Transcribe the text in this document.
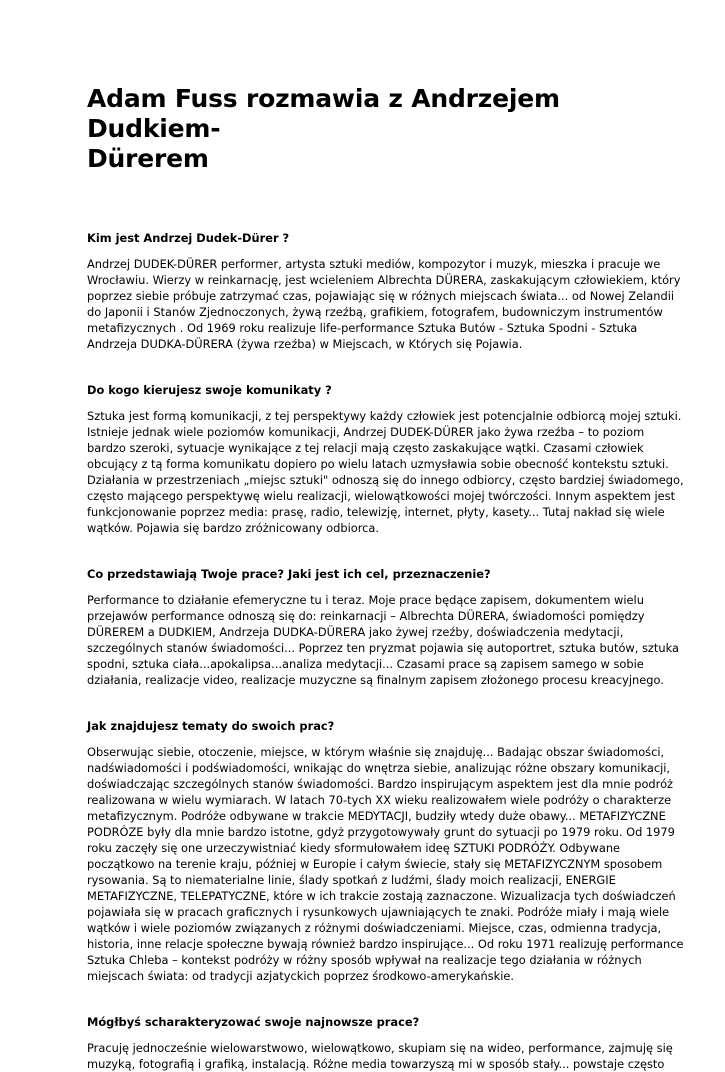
Adam Fuss rozmawia z Andrzejem Dudkiem-
Dürerem

Kim jest Andrzej Dudek-Dürer ?

Andrzej DUDEK-DÜRER performer, artysta sztuki mediów, kompozytor i muzyk, mieszka i pracuje we
Wrocławiu. Wierzy w reinkarnację, jest wcieleniem Albrechta DÜRERA, zaskakującym człowiekiem, który
poprzez siebie próbuje zatrzymać czas, pojawiając się w różnych miejscach świata... od Nowej Zelandii
do Japonii i Stanów Zjednoczonych, żywą rzeźbą, grafikiem, fotografem, budowniczym instrumentów
metafizycznych . Od 1969 roku realizuje life-performance Sztuka Butów - Sztuka Spodni - Sztuka
Andrzeja DUDKA-DÜRERA (żywa rzeźba) w Miejscach, w Których się Pojawia.

Do kogo kierujesz swoje komunikaty ?

Sztuka jest formą komunikacji, z tej perspektywy każdy człowiek jest potencjalnie odbiorcą mojej sztuki.
Istnieje jednak wiele poziomów komunikacji, Andrzej DUDEK-DÜRER jako żywa rzeźba – to poziom
bardzo szeroki, sytuacje wynikające z tej relacji mają często zaskakujące wątki. Czasami człowiek
obcujący z tą forma komunikatu dopiero po wielu latach uzmysławia sobie obecność kontekstu sztuki.
Działania w przestrzeniach „miejsc sztuki" odnoszą się do innego odbiorcy, często bardziej świadomego,
często mającego perspektywę wielu realizacji, wielowątkowości mojej twórczości. Innym aspektem jest
funkcjonowanie poprzez media: prasę, radio, telewizję, internet, płyty, kasety... Tutaj nakład się wiele
wątków. Pojawia się bardzo zróżnicowany odbiorca.

Co przedstawiają Twoje prace? Jaki jest ich cel, przeznaczenie?

Performance to działanie efemeryczne tu i teraz. Moje prace będące zapisem, dokumentem wielu
przejawów performance odnoszą się do: reinkarnacji – Albrechta DÜRERA, świadomości pomiędzy
DÜREREM a DUDKIEM, Andrzeja DUDKA-DÜRERA jako żywej rzeźby, doświadczenia medytacji,
szczególnych stanów świadomości... Poprzez ten pryzmat pojawia się autoportret, sztuka butów, sztuka
spodni, sztuka ciała...apokalipsa...analiza medytacji... Czasami prace są zapisem samego w sobie
działania, realizacje video, realizacje muzyczne są finalnym zapisem złożonego procesu kreacyjnego.

Jak znajdujesz tematy do swoich prac?

Obserwując siebie, otoczenie, miejsce, w którym właśnie się znajduję... Badając obszar świadomości,
nadświadomości i podświadomości, wnikając do wnętrza siebie, analizując różne obszary komunikacji,
doświadczając szczególnych stanów świadomości. Bardzo inspirującym aspektem jest dla mnie podróż
realizowana w wielu wymiarach. W latach 70-tych XX wieku realizowałem wiele podróży o charakterze
metafizycznym. Podróże odbywane w trakcie MEDYTACJI, budziły wtedy duże obawy... METAFIZYCZNE
PODRÓZE były dla mnie bardzo istotne, gdyż przygotowywały grunt do sytuacji po 1979 roku. Od 1979
roku zaczęły się one urzeczywistniać kiedy sformułowałem ideę SZTUKI PODRÓŻY. Odbywane
początkowo na terenie kraju, później w Europie i całym świecie, stały się METAFIZYCZNYM sposobem
rysowania. Są to niematerialne linie, ślady spotkań z ludźmi, ślady moich realizacji, ENERGIE
METAFIZYCZNE, TELEPATYCZNE, które w ich trakcie zostają zaznaczone. Wizualizacja tych doświadczeń
pojawiała się w pracach graficznych i rysunkowych ujawniających te znaki. Podróże miały i mają wiele
wątków i wiele poziomów związanych z różnymi doświadczeniami. Miejsce, czas, odmienna tradycja,
historia, inne relacje społeczne bywają również bardzo inspirujące... Od roku 1971 realizuję performance
Sztuka Chleba – kontekst podróży w różny sposób wpływał na realizacje tego działania w różnych
miejscach świata: od tradycji azjatyckich poprzez środkowo-amerykańskie.

Mógłbyś scharakteryzować swoje najnowsze prace?

Pracuję jednocześnie wielowarstwowo, wielowątkowo, skupiam się na wideo, performance, zajmuję się
muzyką, fotografią i grafiką, instalacją. Różne media towarzyszą mi w sposób stały... powstaje często
